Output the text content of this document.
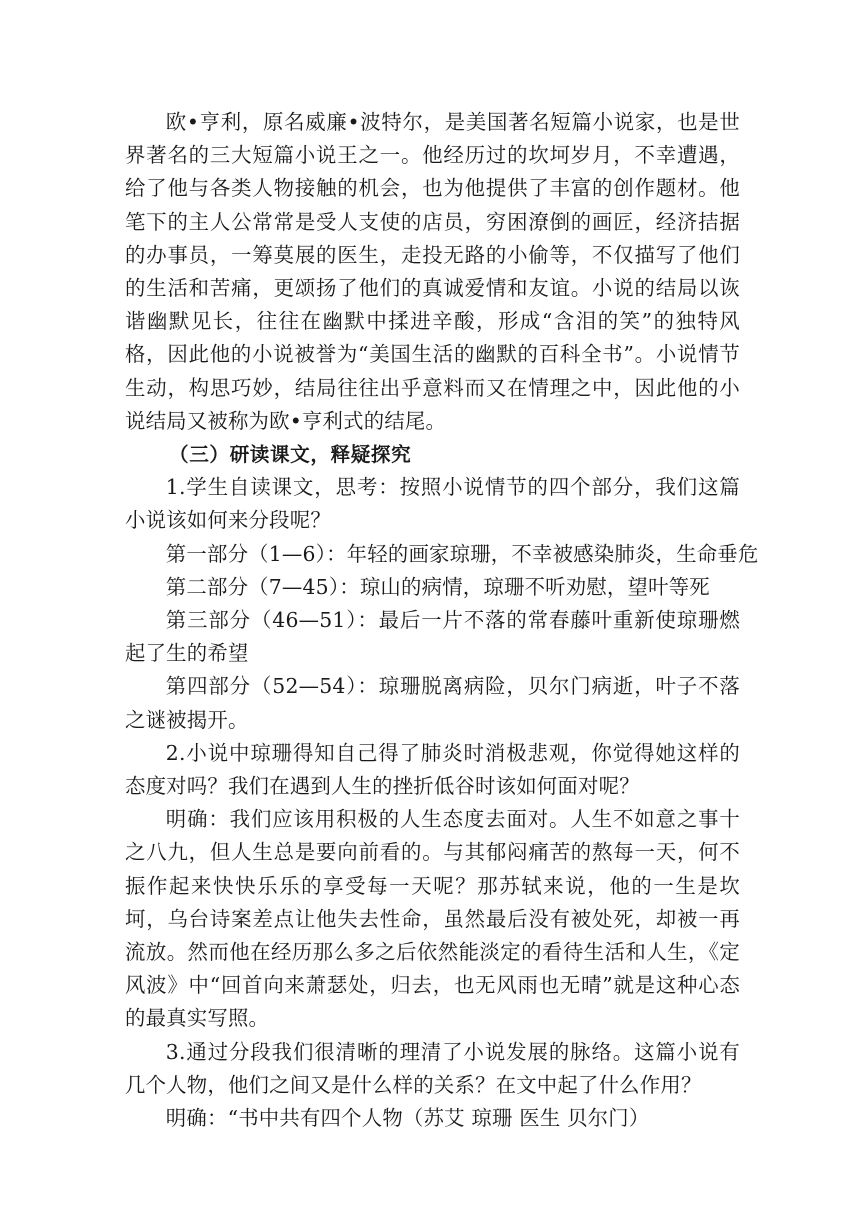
欧•亨利，原名威廉•波特尔，是美国著名短篇小说家，也是世界著名的三大短篇小说王之一。他经历过的坎坷岁月，不幸遭遇，给了他与各类人物接触的机会，也为他提供了丰富的创作题材。他笔下的主人公常常是受人支使的店员，穷困潦倒的画匠，经济拮据的办事员，一筹莫展的医生，走投无路的小偷等，不仅描写了他们的生活和苦痛，更颂扬了他们的真诚爱情和友谊。小说的结局以诙谐幽默见长，往往在幽默中揉进辛酸，形成“含泪的笑”的独特风格，因此他的小说被誉为“美国生活的幽默的百科全书”。小说情节生动，构思巧妙，结局往往出乎意料而又在情理之中，因此他的小说结局又被称为欧•亨利式的结尾。

（三）研读课文，释疑探究

1.学生自读课文，思考：按照小说情节的四个部分，我们这篇小说该如何来分段呢？

第一部分（1—6）：年轻的画家琼珊，不幸被感染肺炎，生命垂危

第二部分（7—45）：琼山的病情，琼珊不听劝慰，望叶等死

第三部分（46—51）：最后一片不落的常春藤叶重新使琼珊燃起了生的希望

第四部分（52—54）：琼珊脱离病险，贝尔门病逝，叶子不落之谜被揭开。

2.小说中琼珊得知自己得了肺炎时消极悲观，你觉得她这样的态度对吗？我们在遇到人生的挫折低谷时该如何面对呢？

明确：我们应该用积极的人生态度去面对。人生不如意之事十之八九，但人生总是要向前看的。与其郁闷痛苦的熬每一天，何不振作起来快快乐乐的享受每一天呢？那苏轼来说，他的一生是坎坷，乌台诗案差点让他失去性命，虽然最后没有被处死，却被一再流放。然而他在经历那么多之后依然能淡定的看待生活和人生，《定风波》中“回首向来萧瑟处，归去，也无风雨也无晴”就是这种心态的最真实写照。

3.通过分段我们很清晰的理清了小说发展的脉络。这篇小说有几个人物，他们之间又是什么样的关系？在文中起了什么作用？

明确：“书中共有四个人物（苏艾 琼珊 医生 贝尔门）
